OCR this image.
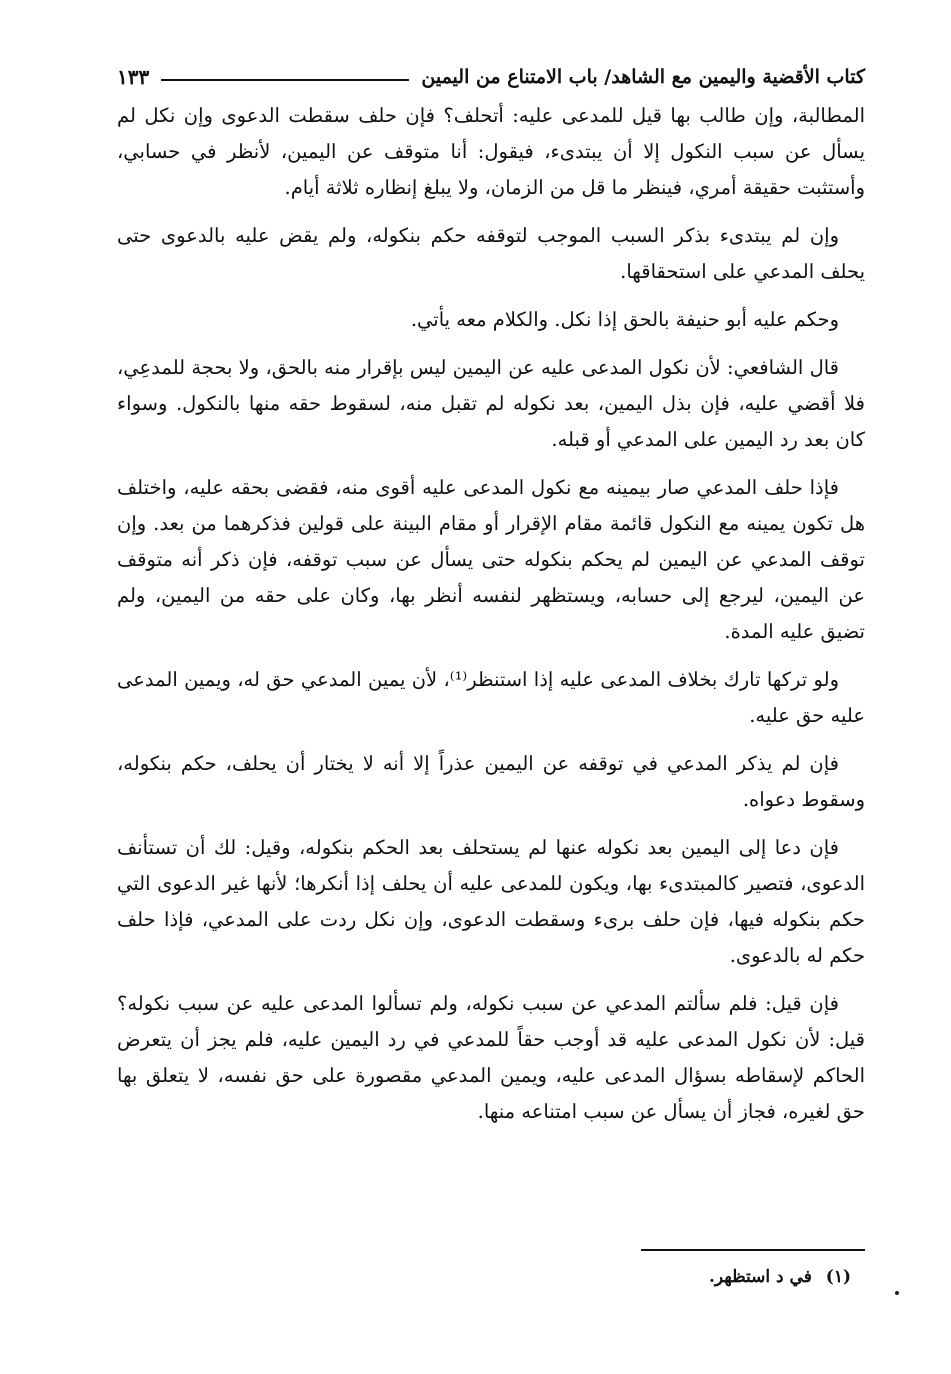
كتاب الأقضية واليمين مع الشاهد/ باب الامتناع من اليمين
١٣٣

المطالبة، وإن طالب بها قيل للمدعى عليه: أتحلف؟ فإن حلف سقطت الدعوى وإن نكل لم يسأل عن سبب النكول إلا أن يبتدىء، فيقول: أنا متوقف عن اليمين، لأنظر في حسابي، وأستثبت حقيقة أمري، فينظر ما قل من الزمان، ولا يبلغ إنظاره ثلاثة أيام.

وإن لم يبتدىء بذكر السبب الموجب لتوقفه حكم بنكوله، ولم يقض عليه بالدعوى حتى يحلف المدعي على استحقاقها.

وحكم عليه أبو حنيفة بالحق إذا نكل. والكلام معه يأتي.

قال الشافعي: لأن نكول المدعى عليه عن اليمين ليس بإقرار منه بالحق، ولا بحجة للمدعِي، فلا أقضي عليه، فإن بذل اليمين، بعد نكوله لم تقبل منه، لسقوط حقه منها بالنكول. وسواء كان بعد رد اليمين على المدعي أو قبله.

فإذا حلف المدعي صار بيمينه مع نكول المدعى عليه أقوى منه، فقضى بحقه عليه، واختلف هل تكون يمينه مع النكول قائمة مقام الإقرار أو مقام البينة على قولين فذكرهما من بعد. وإن توقف المدعي عن اليمين لم يحكم بنكوله حتى يسأل عن سبب توقفه، فإن ذكر أنه متوقف عن اليمين، ليرجع إلى حسابه، ويستظهر لنفسه أنظر بها، وكان على حقه من اليمين، ولم تضيق عليه المدة.

ولو تركها تارك بخلاف المدعى عليه إذا استنظر⁽¹⁾، لأن يمين المدعي حق له، ويمين المدعى عليه حق عليه.

فإن لم يذكر المدعي في توقفه عن اليمين عذراً إلا أنه لا يختار أن يحلف، حكم بنكوله، وسقوط دعواه.

فإن دعا إلى اليمين بعد نكوله عنها لم يستحلف بعد الحكم بنكوله، وقيل: لك أن تستأنف الدعوى، فتصير كالمبتدىء بها، ويكون للمدعى عليه أن يحلف إذا أنكرها؛ لأنها غير الدعوى التي حكم بنكوله فيها، فإن حلف برىء وسقطت الدعوى، وإن نكل ردت على المدعي، فإذا حلف حكم له بالدعوى.

فإن قيل: فلم سألتم المدعي عن سبب نكوله، ولم تسألوا المدعى عليه عن سبب نكوله؟ قيل: لأن نكول المدعى عليه قد أوجب حقاً للمدعي في رد اليمين عليه، فلم يجز أن يتعرض الحاكم لإسقاطه بسؤال المدعى عليه، ويمين المدعي مقصورة على حق نفسه، لا يتعلق بها حق لغيره، فجاز أن يسأل عن سبب امتناعه منها.

(١) في د استظهر.
